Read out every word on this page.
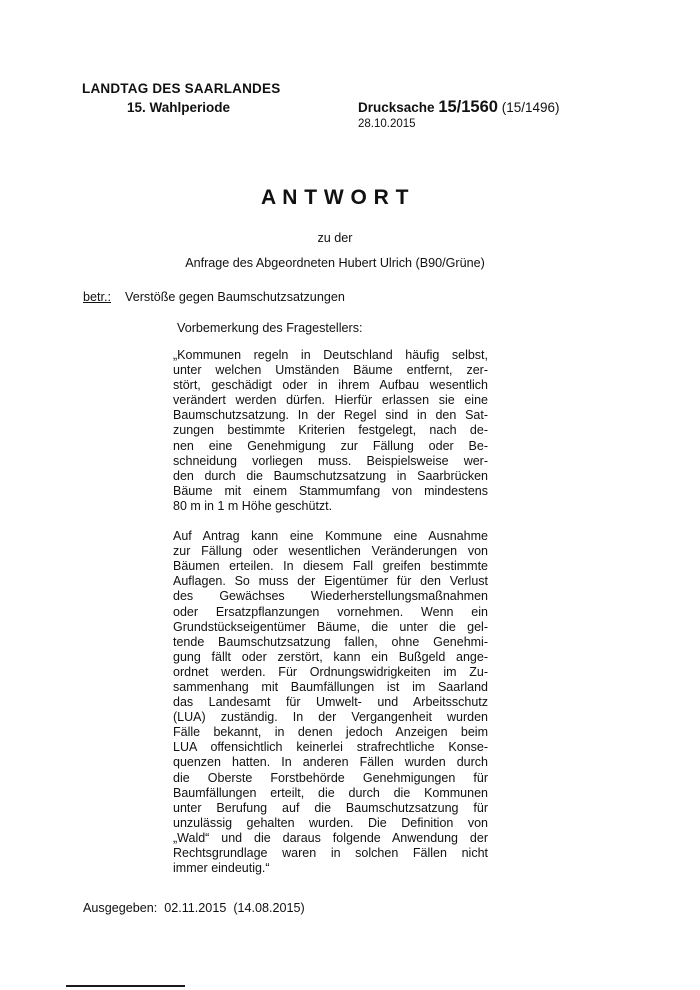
LANDTAG DES SAARLANDES
15. Wahlperiode	Drucksache 15/1560 (15/1496)
28.10.2015
A N T W O R T
zu der
Anfrage des Abgeordneten Hubert Ulrich (B90/Grüne)
betr.: Verstöße gegen Baumschutzsatzungen
Vorbemerkung des Fragestellers:
„Kommunen regeln in Deutschland häufig selbst,
unter welchen Umständen Bäume entfernt, zer-
stört, geschädigt oder in ihrem Aufbau wesentlich
verändert werden dürfen. Hierfür erlassen sie eine
Baumschutzsatzung. In der Regel sind in den Sat-
zungen bestimmte Kriterien festgelegt, nach de-
nen eine Genehmigung zur Fällung oder Be-
schneidung vorliegen muss. Beispielsweise wer-
den durch die Baumschutzsatzung in Saarbrücken
Bäume mit einem Stammumfang von mindestens
80 m in 1 m Höhe geschützt.
Auf Antrag kann eine Kommune eine Ausnahme
zur Fällung oder wesentlichen Veränderungen von
Bäumen erteilen. In diesem Fall greifen bestimmte
Auflagen. So muss der Eigentümer für den Verlust
des Gewächses Wiederherstellungsmaßnahmen
oder Ersatzpflanzungen vornehmen. Wenn ein
Grundstückseigentümer Bäume, die unter die gel-
tende Baumschutzsatzung fallen, ohne Genehmi-
gung fällt oder zerstört, kann ein Bußgeld ange-
ordnet werden. Für Ordnungswidrigkeiten im Zu-
sammenhang mit Baumfällungen ist im Saarland
das Landesamt für Umwelt- und Arbeitsschutz
(LUA) zuständig. In der Vergangenheit wurden
Fälle bekannt, in denen jedoch Anzeigen beim
LUA offensichtlich keinerlei strafrechtliche Konse-
quenzen hatten. In anderen Fällen wurden durch
die Oberste Forstbehörde Genehmigungen für
Baumfällungen erteilt, die durch die Kommunen
unter Berufung auf die Baumschutzsatzung für
unzulässig gehalten wurden. Die Definition von
„Wald“ und die daraus folgende Anwendung der
Rechtsgrundlage waren in solchen Fällen nicht
immer eindeutig.“
Ausgegeben:  02.11.2015  (14.08.2015)
